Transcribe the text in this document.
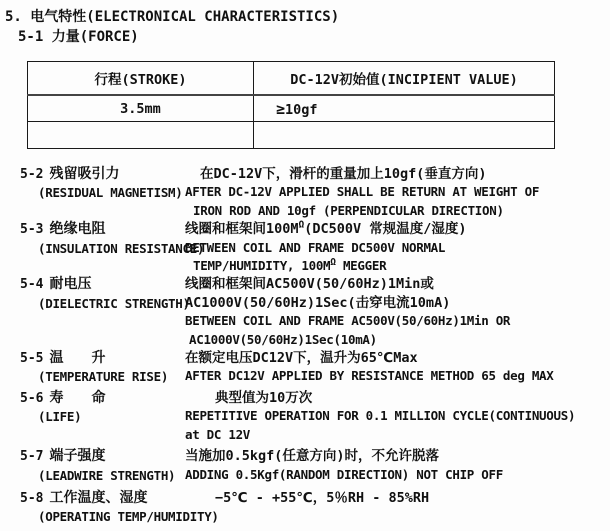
5. 电气特性(ELECTRONICAL CHARACTERISTICS)
5-1 力量(FORCE)
行程(STROKE)	DC-12V初始值(INCIPIENT VALUE)
3.5mm	≥10gf

5-2 残留吸引力
(RESIDUAL MAGNETISM)
在DC-12V下，滑杆的重量加上10gf(垂直方向)
AFTER DC-12V APPLIED SHALL BE RETURN AT WEIGHT OF
IRON ROD AND 10gf (PERPENDICULAR DIRECTION)
5-3 绝缘电阻
(INSULATION RESISTANCE)
线圈和框架间$100M^\Omega(DC500V$ 常规温度/湿度)
BETWEEN COIL AND FRAME DC500V NORMAL
TEMP/HUMIDITY, $100M^\Omega$ MEGGER
5-4 耐电压
(DIELECTRIC STRENGTH)
线圈和框架间AC500V(50/60Hz)1Min或
AC1000V(50/60Hz)1Sec(击穿电流10mA)
BETWEEN COIL AND FRAME AC500V(50/60Hz)1Min OR
AC1000V(50/60Hz)1Sec(10mA)
5-5 温　　升
(TEMPERATURE RISE)
在额定电压DC12V下，温升为65℃Max
AFTER DC12V APPLIED BY RESISTANCE METHOD 65 deg MAX
5-6 寿　　命
(LIFE)
典型值为10万次
REPETITIVE OPERATION FOR 0.1 MILLION CYCLE(CONTINUOUS)
at DC 12V
5-7 端子强度
(LEADWIRE STRENGTH)
当施加0.5kgf(任意方向)时，不允许脱落
ADDING 0.5Kgf(RANDOM DIRECTION) NOT CHIP OFF
5-8 工作温度、湿度
(OPERATING TEMP/HUMIDITY)
−5℃ - +55℃，5％RH - 85%RH
